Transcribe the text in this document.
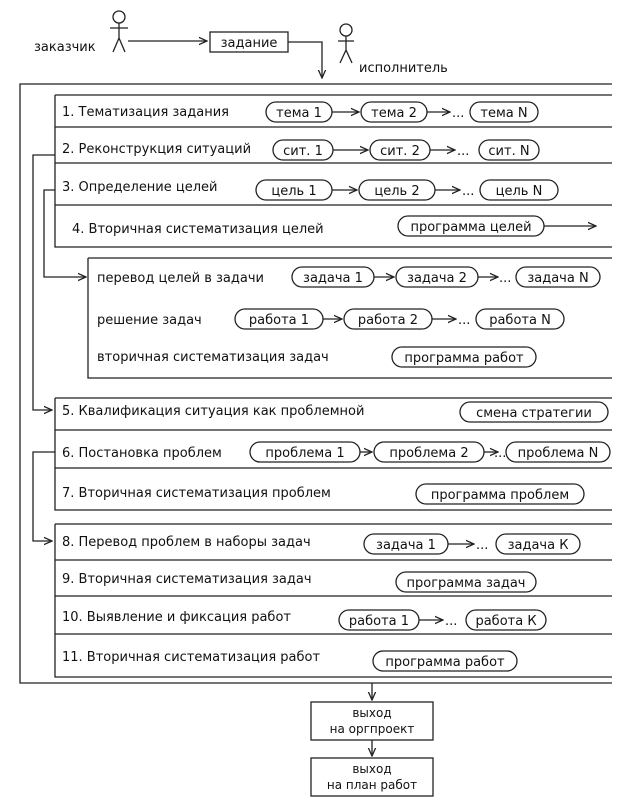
заказчик	задание
исполнитель
1. Тематизация задания
2. Реконструкция ситуаций
3. Определение целей
4. Вторичная систематизация целей
перевод целей в задачи
решение задач
вторичная систематизация задач
5. Квалификация ситуация как проблемной
6. Постановка проблем
7. Вторичная систематизация проблем
8. Перевод проблем в наборы задач
9. Вторичная систематизация задач
10. Выявление и фиксация работ
11. Вторичная систематизация работ
тема 1	тема 2	... тема N
сит. 1	сит. 2	... сит. N
цель 1	цель 2	... цель N
программа целей
задача 1	задача 2 ... задача N
работа 1	работа 2	... работа N
программа работ
смена стратегии
проблема 1	проблема 2 ... проблема N
программа проблем
задача 1	... задача К
программа задач
работа 1	... работа К
программа работ
выход
на оргпроект
выход
на план работ
